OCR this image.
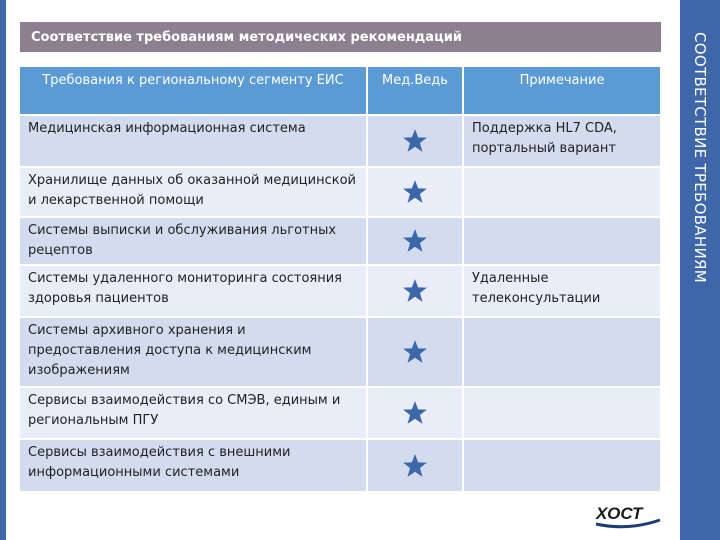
СООТВЕТСТВИЕ ТРЕБОВАНИЯМ
Соответствие требованиям методических рекомендаций
Требования к региональному сегменту ЕИС	Мед.Ведь	Примечание
Медицинская информационная система		Поддержка HL7 CDA, портальный вариант
Хранилище данных об оказанной медицинской и лекарственной помощи	

Системы выписки и обслуживания льготных рецептов	

Системы удаленного мониторинга состояния здоровья пациентов		Удаленные телеконсультации
Системы архивного хранения и предоставления доступа к медицинским изображениям	

Сервисы взаимодействия со СМЭВ, единым и региональным ПГУ	

Сервисы взаимодействия с внешними информационными системами	

ХОСТ
